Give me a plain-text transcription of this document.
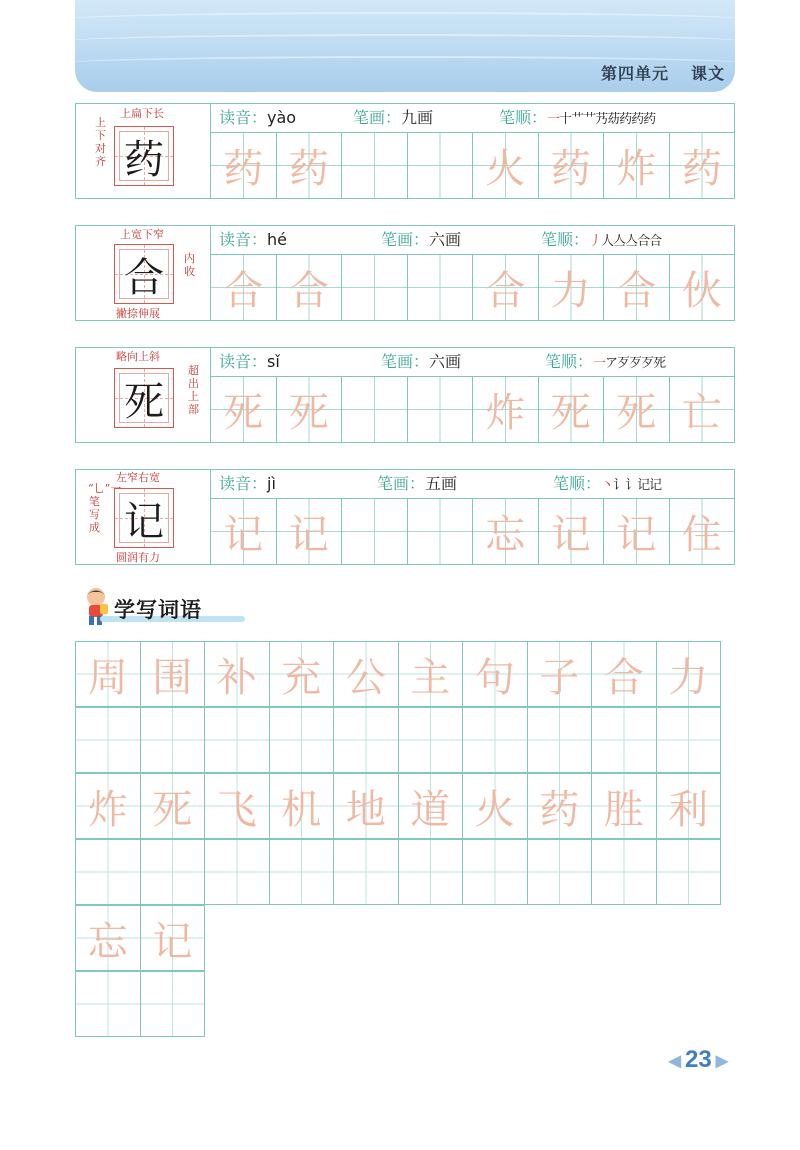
第四单元 课文
上扁下长
上下对齐 药
读音：yào	笔画：九画	笔顺：一十艹艹艿苭药药药
药 药	火 药 炸 药
上宽下窄
内收
撇捺伸展
合
读音：hé	笔画：六画	笔顺：丿人亼亼合合
合 合	合 力 合 伙
略向上斜
超出上部
死
读音：sǐ	笔画：六画	笔顺：一ア歹歹歹死
死 死	炸 死 死 亡
左窄右宽
“乚”一笔写成
圆润有力
记
读音：jì	笔画：五画	笔顺：丶讠讠记记
记 记	忘 记 记 住
学写词语
周 围 补 充 公 主 句 子 合 力
炸 死 飞 机 地 道 火 药 胜 利
忘 记
◀ 23 ▶
